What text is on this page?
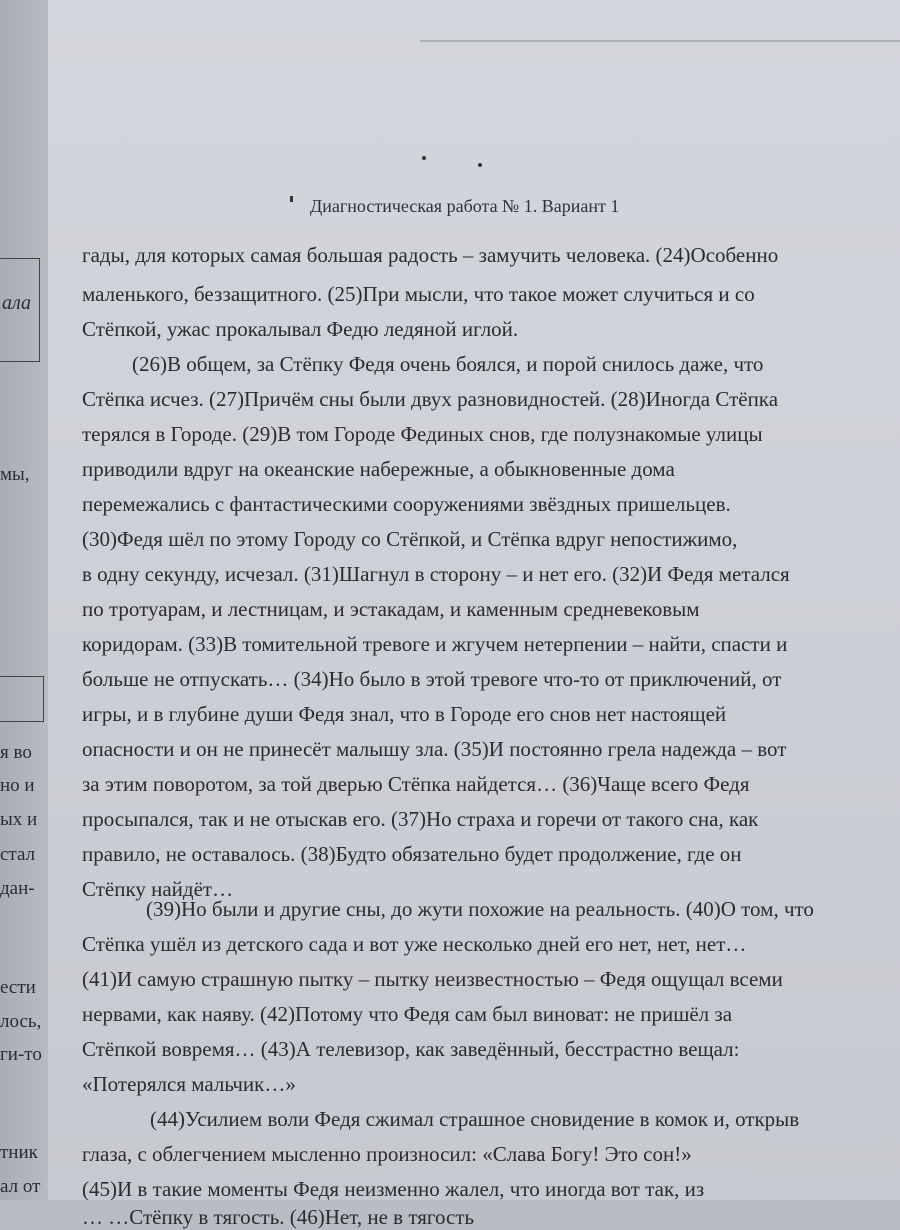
ала
мы,
я во
но и
ых и
стал
дан-
ести
лось,
ги-то
тник
ал от
Диагностическая работа № 1. Вариант 1
гады, для которых самая большая радость – замучить человека. (24)Особенно
маленького, беззащитного. (25)При мысли, что такое может случиться и со
Стёпкой, ужас прокалывал Федю ледяной иглой.
(26)В общем, за Стёпку Федя очень боялся, и порой снилось даже, что
Стёпка исчез. (27)Причём сны были двух разновидностей. (28)Иногда Стёпка
терялся в Городе. (29)В том Городе Фединых снов, где полузнакомые улицы
приводили вдруг на океанские набережные, а обыкновенные дома
перемежались с фантастическими сооружениями звёздных пришельцев.
(30)Федя шёл по этому Городу со Стёпкой, и Стёпка вдруг непостижимо,
в одну секунду, исчезал. (31)Шагнул в сторону – и нет его. (32)И Федя метался
по тротуарам, и лестницам, и эстакадам, и каменным средневековым
коридорам. (33)В томительной тревоге и жгучем нетерпении – найти, спасти и
больше не отпускать… (34)Но было в этой тревоге что-то от приключений, от
игры, и в глубине души Федя знал, что в Городе его снов нет настоящей
опасности и он не принесёт малышу зла. (35)И постоянно грела надежда – вот
за этим поворотом, за той дверью Стёпка найдется… (36)Чаще всего Федя
просыпался, так и не отыскав его. (37)Но страха и горечи от такого сна, как
правило, не оставалось. (38)Будто обязательно будет продолжение, где он
Стёпку найдёт…
(39)Но были и другие сны, до жути похожие на реальность. (40)О том, что
Стёпка ушёл из детского сада и вот уже несколько дней его нет, нет, нет…
(41)И самую страшную пытку – пытку неизвестностью – Федя ощущал всеми
нервами, как наяву. (42)Потому что Федя сам был виноват: не пришёл за
Стёпкой вовремя… (43)А телевизор, как заведённый, бесстрастно вещал:
«Потерялся мальчик…»
(44)Усилием воли Федя сжимал страшное сновидение в комок и, открыв
глаза, с облегчением мысленно произносил: «Слава Богу! Это сон!»
(45)И в такие моменты Федя неизменно жалел, что иногда вот так, из
… …Стёпку в тягость. (46)Нет, не в тягость
